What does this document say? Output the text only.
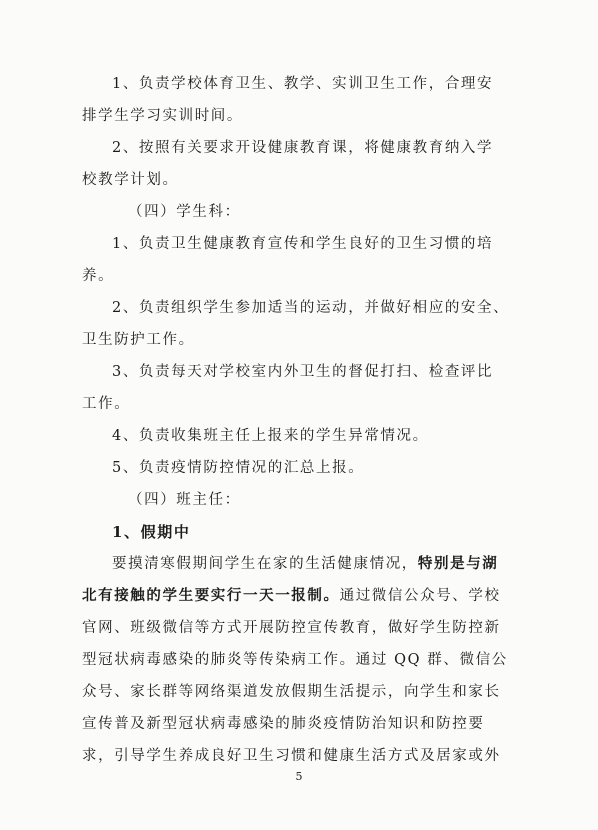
1、负责学校体育卫生、教学、实训卫生工作，合理安
排学生学习实训时间。
2、按照有关要求开设健康教育课，将健康教育纳入学
校教学计划。
（四）学生科：
1、负责卫生健康教育宣传和学生良好的卫生习惯的培
养。
2、负责组织学生参加适当的运动，并做好相应的安全、
卫生防护工作。
3、负责每天对学校室内外卫生的督促打扫、检查评比
工作。
4、负责收集班主任上报来的学生异常情况。
5、负责疫情防控情况的汇总上报。
（四）班主任：
1、假期中
要摸清寒假期间学生在家的生活健康情况，特别是与湖
北有接触的学生要实行一天一报制。通过微信公众号、学校
官网、班级微信等方式开展防控宣传教育，做好学生防控新
型冠状病毒感染的肺炎等传染病工作。通过 QQ 群、微信公
众号、家长群等网络渠道发放假期生活提示，向学生和家长
宣传普及新型冠状病毒感染的肺炎疫情防治知识和防控要
求，引导学生养成良好卫生习惯和健康生活方式及居家或外
5
